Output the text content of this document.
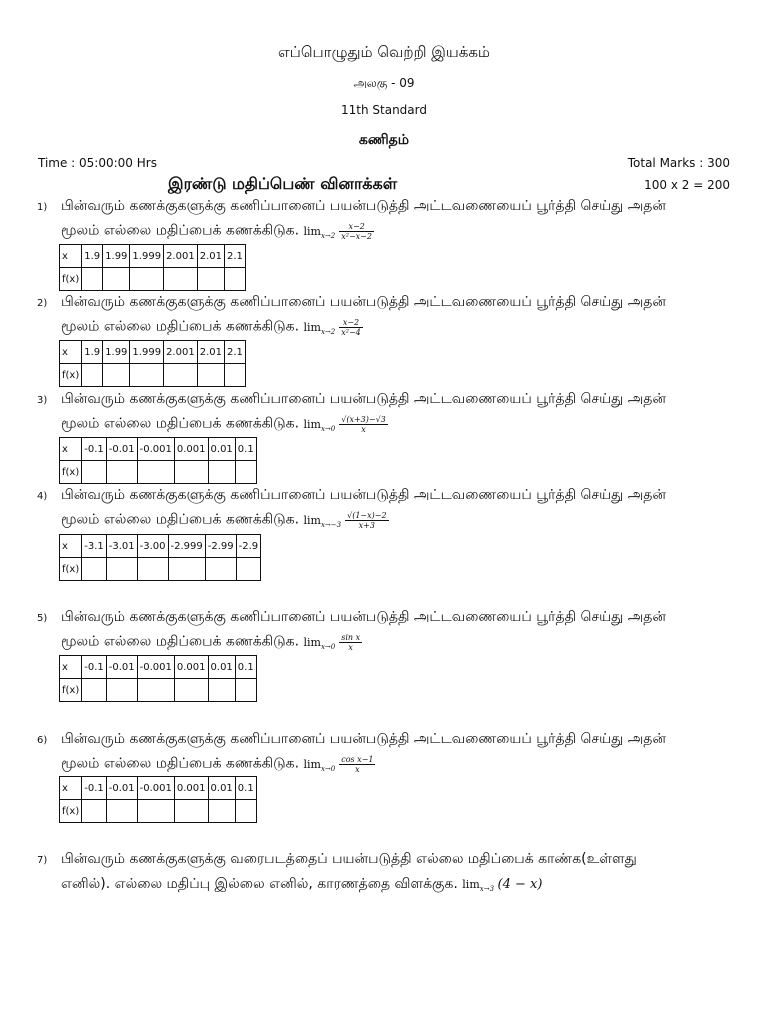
எப்பொழுதும் வெற்றி இயக்கம்
அலகு - 09
11th Standard
கணிதம்
Time : 05:00:00 Hrs	Total Marks : 300
இரண்டு மதிப்பெண் வினாக்கள்	100 x 2 = 200
1) பின்வரும் கணக்குகளுக்கு கணிப்பானைப் பயன்படுத்தி அட்டவணையைப் பூர்த்தி செய்து அதன்
மூலம் எல்லை மதிப்பைக் கணக்கிடுக. $\lim_{x\to 2} \frac{x-2}{\text{x²−x−2}}$
x	1.9	1.99	1.999	2.001	2.01	2.1
f(x)						
2) பின்வரும் கணக்குகளுக்கு கணிப்பானைப் பயன்படுத்தி அட்டவணையைப் பூர்த்தி செய்து அதன்
மூலம் எல்லை மதிப்பைக் கணக்கிடுக. $\lim_{x\to 2} \frac{x-2}{\text{x²−4}}$
x	1.9	1.99	1.999	2.001	2.01	2.1
f(x)						
3) பின்வரும் கணக்குகளுக்கு கணிப்பானைப் பயன்படுத்தி அட்டவணையைப் பூர்த்தி செய்து அதன்
மூலம் எல்லை மதிப்பைக் கணக்கிடுக. $\lim_{x\to 0} \frac{√(x+3)-√3}{x}$
x	-0.1	-0.01	-0.001	0.001	0.01	0.1
f(x)						
4) பின்வரும் கணக்குகளுக்கு கணிப்பானைப் பயன்படுத்தி அட்டவணையைப் பூர்த்தி செய்து அதன்
மூலம் எல்லை மதிப்பைக் கணக்கிடுக. $\lim_{x\to-3} \frac{√(1-x)-2}{x+3}$
x	-3.1	-3.01	-3.00	-2.999	-2.99	-2.9
f(x)						
5) பின்வரும் கணக்குகளுக்கு கணிப்பானைப் பயன்படுத்தி அட்டவணையைப் பூர்த்தி செய்து அதன்
மூலம் எல்லை மதிப்பைக் கணக்கிடுக. $\lim_{x\to 0} \frac{\text{sin x}}{x}$
x	-0.1	-0.01	-0.001	0.001	0.01	0.1
f(x)						
6) பின்வரும் கணக்குகளுக்கு கணிப்பானைப் பயன்படுத்தி அட்டவணையைப் பூர்த்தி செய்து அதன்
மூலம் எல்லை மதிப்பைக் கணக்கிடுக. $\lim_{x\to 0} \frac{\text{cos x−1}}{x}$
x	-0.1	-0.01	-0.001	0.001	0.01	0.1
f(x)						
7) பின்வரும் கணக்குகளுக்கு வரைபடத்தைப் பயன்படுத்தி எல்லை மதிப்பைக் காண்க(உள்ளது
எனில்). எல்லை மதிப்பு இல்லை எனில், காரணத்தை விளக்குக. $\lim_{x\to 3} (4 - x)$
